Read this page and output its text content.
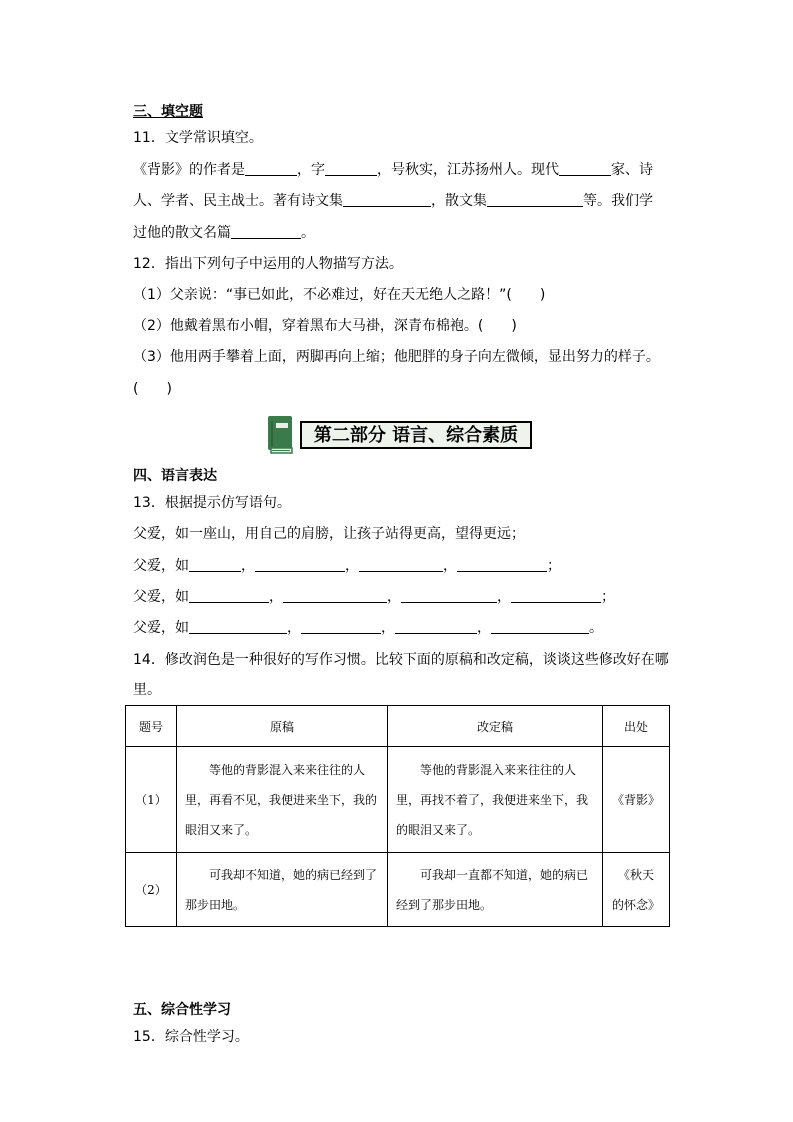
三、填空题
11．文学常识填空。
《背影》的作者是	，字	，号秋实，江苏扬州人。现代	家、诗
人、学者、民主战士。著有诗文集	，散文集	等。我们学
过他的散文名篇	。
12．指出下列句子中运用的人物描写方法。
（1）父亲说：“事已如此，不必难过，好在天无绝人之路！”(　　)
（2）他戴着黑布小帽，穿着黑布大马褂，深青布棉袍。(　　)
（3）他用两手攀着上面，两脚再向上缩；他肥胖的身子向左微倾，显出努力的样子。
(　　)
第二部分 语言、综合素质
四、语言表达
13．根据提示仿写语句。
父爱，如一座山，用自己的肩膀，让孩子站得更高，望得更远；
父爱，如	，	，	，	；
父爱，如	，	，	，	；
父爱，如	，	，	，	。
14．修改润色是一种很好的写作习惯。比较下面的原稿和改定稿，谈谈这些修改好在哪
里。
题号	原稿	改定稿	出处
（1）	等他的背影混入来来往往的人里，再看不见，我便进来坐下，我的眼泪又来了。	等他的背影混入来来往往的人里，再找不着了，我便进来坐下，我的眼泪又来了。	《背影》
（2）	可我却不知道，她的病已经到了那步田地。	可我却一直都不知道，她的病已经到了那步田地。	《秋天
的怀念》
五、综合性学习
15．综合性学习。
